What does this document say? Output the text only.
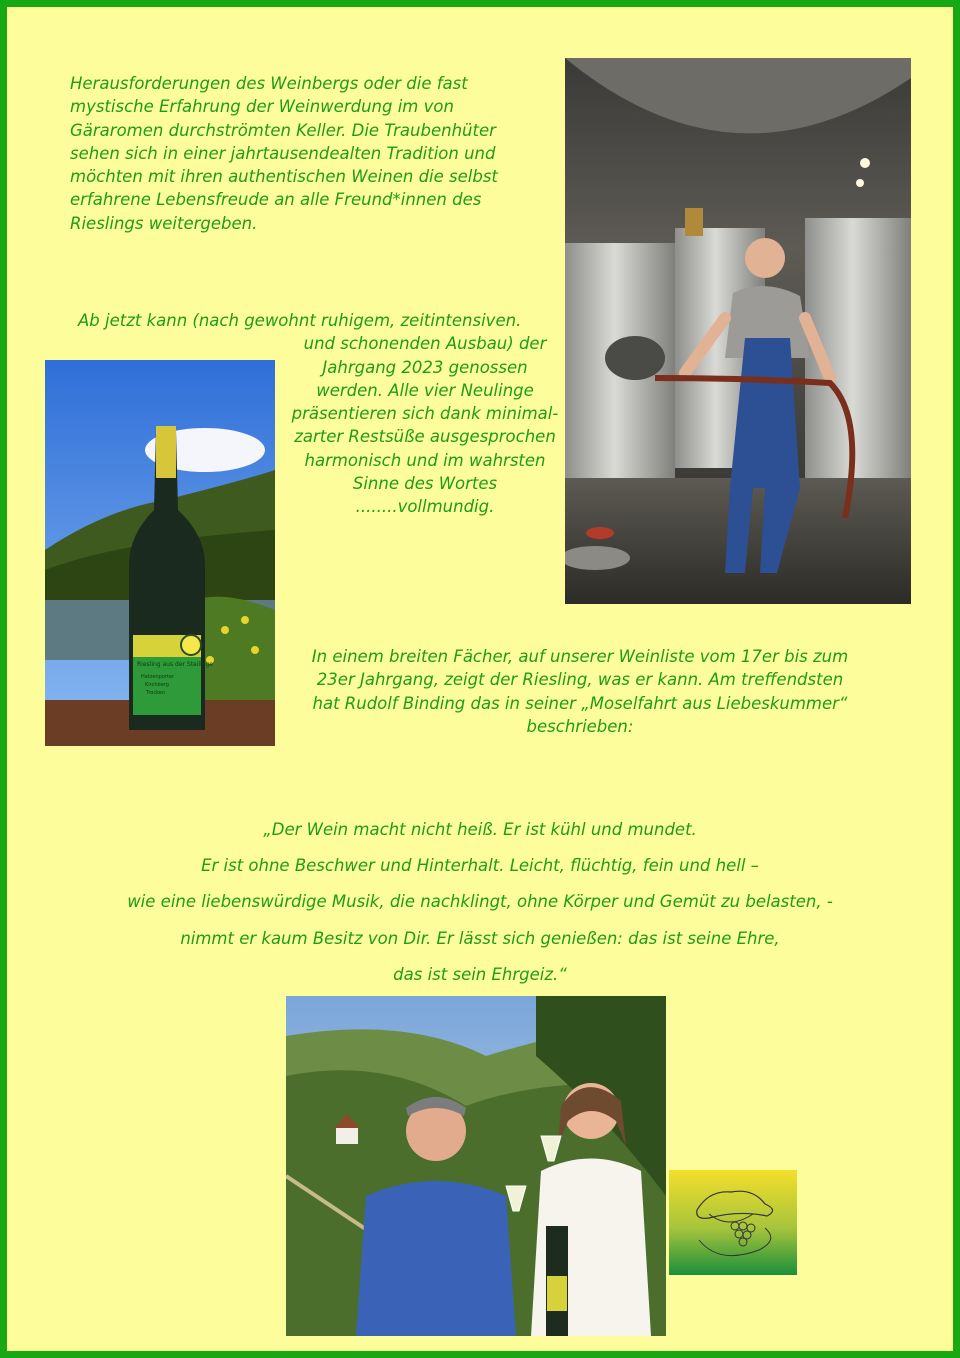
Herausforderungen des Weinbergs oder die fast
mystische Erfahrung der Weinwerdung im von
Gäraromen durchströmten Keller. Die Traubenhüter
sehen sich in einer jahrtausendealten Tradition und
möchten mit ihren authentischen Weinen die selbst
erfahrene Lebensfreude an alle Freund*innen des
Rieslings weitergeben.

Ab jetzt kann (nach gewohnt ruhigem, zeitintensiven.
und schonenden Ausbau) der
Jahrgang 2023 genossen
werden. Alle vier Neulinge
präsentieren sich dank minimal-
zarter Restsüße ausgesprochen
harmonisch und im wahrsten
Sinne des Wortes
........vollmundig.

In einem breiten Fächer, auf unserer Weinliste vom 17er bis zum
23er Jahrgang, zeigt der Riesling, was er kann. Am treffendsten
hat Rudolf Binding das in seiner „Moselfahrt aus Liebeskummer“
beschrieben:

„Der Wein macht nicht heiß. Er ist kühl und mundet.
Er ist ohne Beschwer und Hinterhalt. Leicht, flüchtig, fein und hell –
wie eine liebenswürdige Musik, die nachklingt, ohne Körper und Gemüt zu belasten, -
nimmt er kaum Besitz von Dir. Er lässt sich genießen: das ist seine Ehre,
das ist sein Ehrgeiz.“

Riesling aus der Steillage
Hatzenporter
Kirchberg
Trocken
